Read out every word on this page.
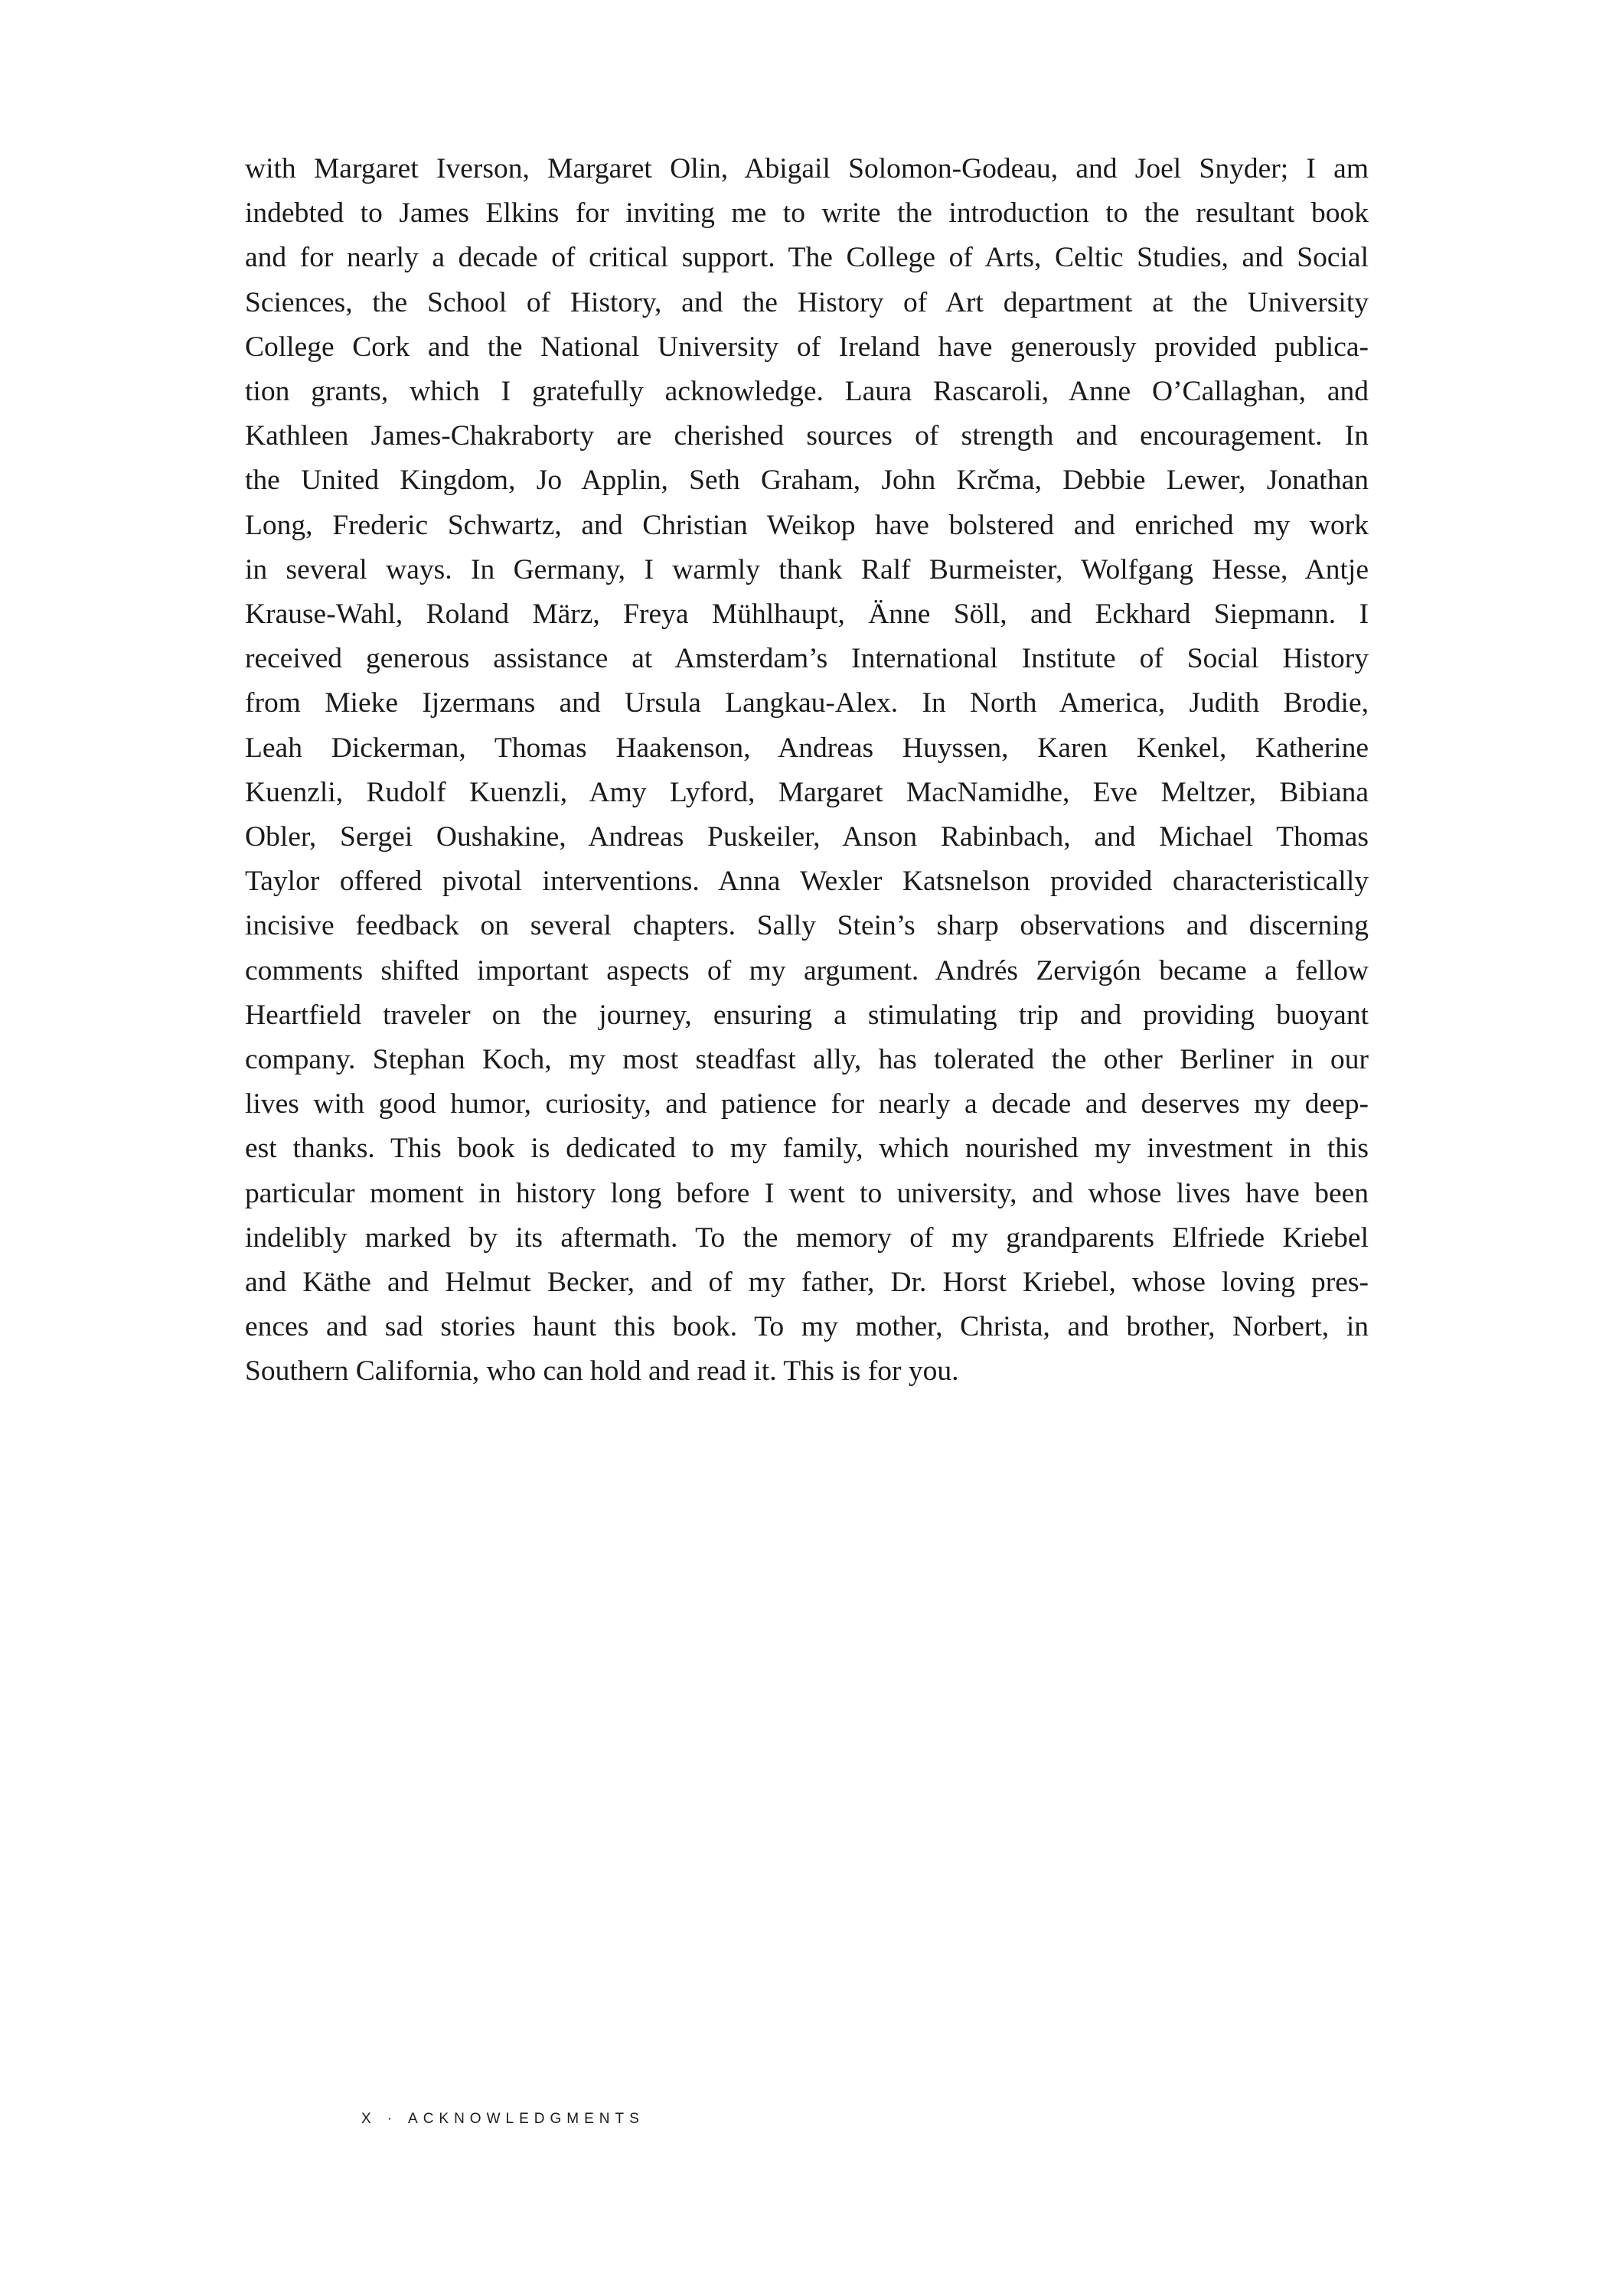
with Margaret Iverson, Margaret Olin, Abigail Solomon-Godeau, and Joel Snyder; I am
indebted to James Elkins for inviting me to write the introduction to the resultant book
and for nearly a decade of critical support. The College of Arts, Celtic Studies, and Social
Sciences, the School of History, and the History of Art department at the University
College Cork and the National University of Ireland have generously provided publica-
tion grants, which I gratefully acknowledge. Laura Rascaroli, Anne O’Callaghan, and
Kathleen James-Chakraborty are cherished sources of strength and encouragement. In
the United Kingdom, Jo Applin, Seth Graham, John Krčma, Debbie Lewer, Jonathan
Long, Frederic Schwartz, and Christian Weikop have bolstered and enriched my work
in several ways. In Germany, I warmly thank Ralf Burmeister, Wolfgang Hesse, Antje
Krause-Wahl, Roland März, Freya Mühlhaupt, Änne Söll, and Eckhard Siepmann. I
received generous assistance at Amsterdam’s International Institute of Social History
from Mieke Ijzermans and Ursula Langkau-Alex. In North America, Judith Brodie,
Leah Dickerman, Thomas Haakenson, Andreas Huyssen, Karen Kenkel, Katherine
Kuenzli, Rudolf Kuenzli, Amy Lyford, Margaret MacNamidhe, Eve Meltzer, Bibiana
Obler, Sergei Oushakine, Andreas Puskeiler, Anson Rabinbach, and Michael Thomas
Taylor offered pivotal interventions. Anna Wexler Katsnelson provided characteristically
incisive feedback on several chapters. Sally Stein’s sharp observations and discerning
comments shifted important aspects of my argument. Andrés Zervigón became a fellow
Heartfield traveler on the journey, ensuring a stimulating trip and providing buoyant
company. Stephan Koch, my most steadfast ally, has tolerated the other Berliner in our
lives with good humor, curiosity, and patience for nearly a decade and deserves my deep-
est thanks. This book is dedicated to my family, which nourished my investment in this
particular moment in history long before I went to university, and whose lives have been
indelibly marked by its aftermath. To the memory of my grandparents Elfriede Kriebel
and Käthe and Helmut Becker, and of my father, Dr. Horst Kriebel, whose loving pres-
ences and sad stories haunt this book. To my mother, Christa, and brother, Norbert, in
Southern California, who can hold and read it. This is for you.
X · ACKNOWLEDGMENTS
